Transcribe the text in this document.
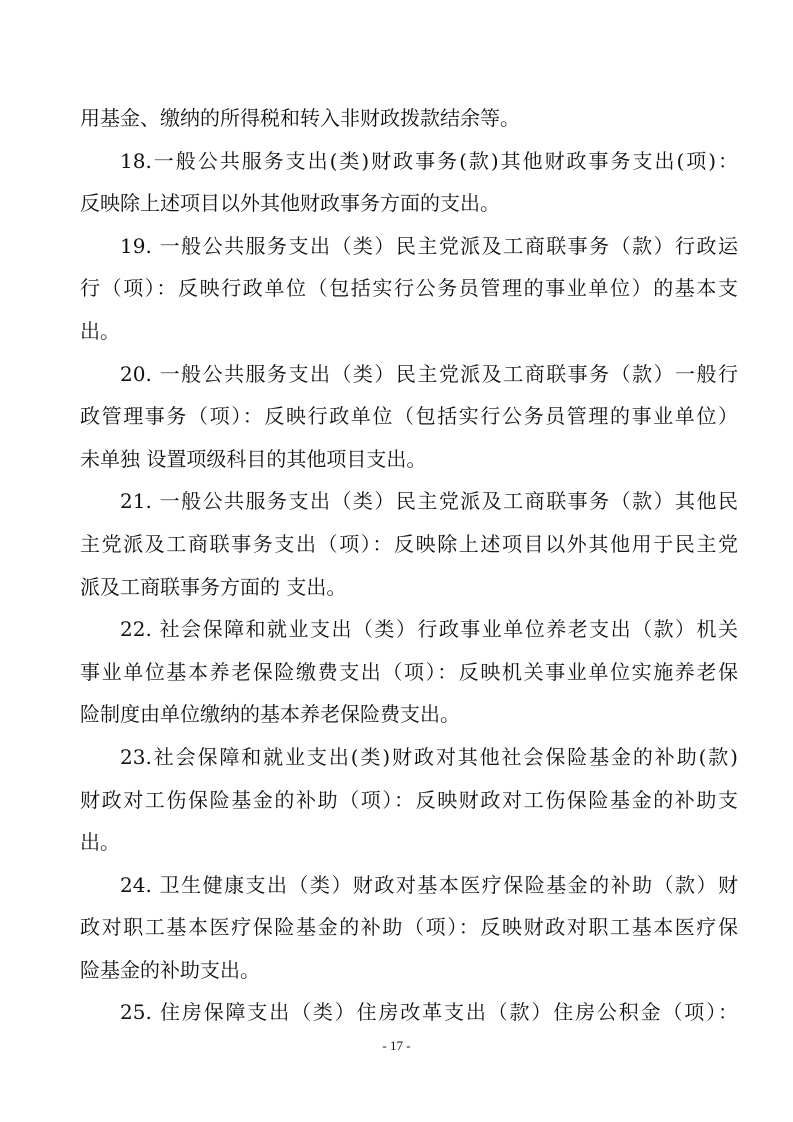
用基金、缴纳的所得税和转入非财政拨款结余等。
18.一般公共服务支出(类)财政事务(款)其他财政事务支出(项)：
反映除上述项目以外其他财政事务方面的支出。
19. 一般公共服务支出（类）民主党派及工商联事务（款）行政运
行（项）：反映行政单位（包括实行公务员管理的事业单位）的基本支
出。
20. 一般公共服务支出（类）民主党派及工商联事务（款）一般行
政管理事务（项）：反映行政单位（包括实行公务员管理的事业单位）
未单独 设置项级科目的其他项目支出。
21. 一般公共服务支出（类）民主党派及工商联事务（款）其他民
主党派及工商联事务支出（项）：反映除上述项目以外其他用于民主党
派及工商联事务方面的 支出。
22. 社会保障和就业支出（类）行政事业单位养老支出（款）机关
事业单位基本养老保险缴费支出（项）：反映机关事业单位实施养老保
险制度由单位缴纳的基本养老保险费支出。
23.社会保障和就业支出(类)财政对其他社会保险基金的补助(款)
财政对工伤保险基金的补助（项）：反映财政对工伤保险基金的补助支
出。
24. 卫生健康支出（类）财政对基本医疗保险基金的补助（款）财
政对职工基本医疗保险基金的补助（项）：反映财政对职工基本医疗保
险基金的补助支出。
25. 住房保障支出（类）住房改革支出（款）住房公积金（项）：
- 17 -
